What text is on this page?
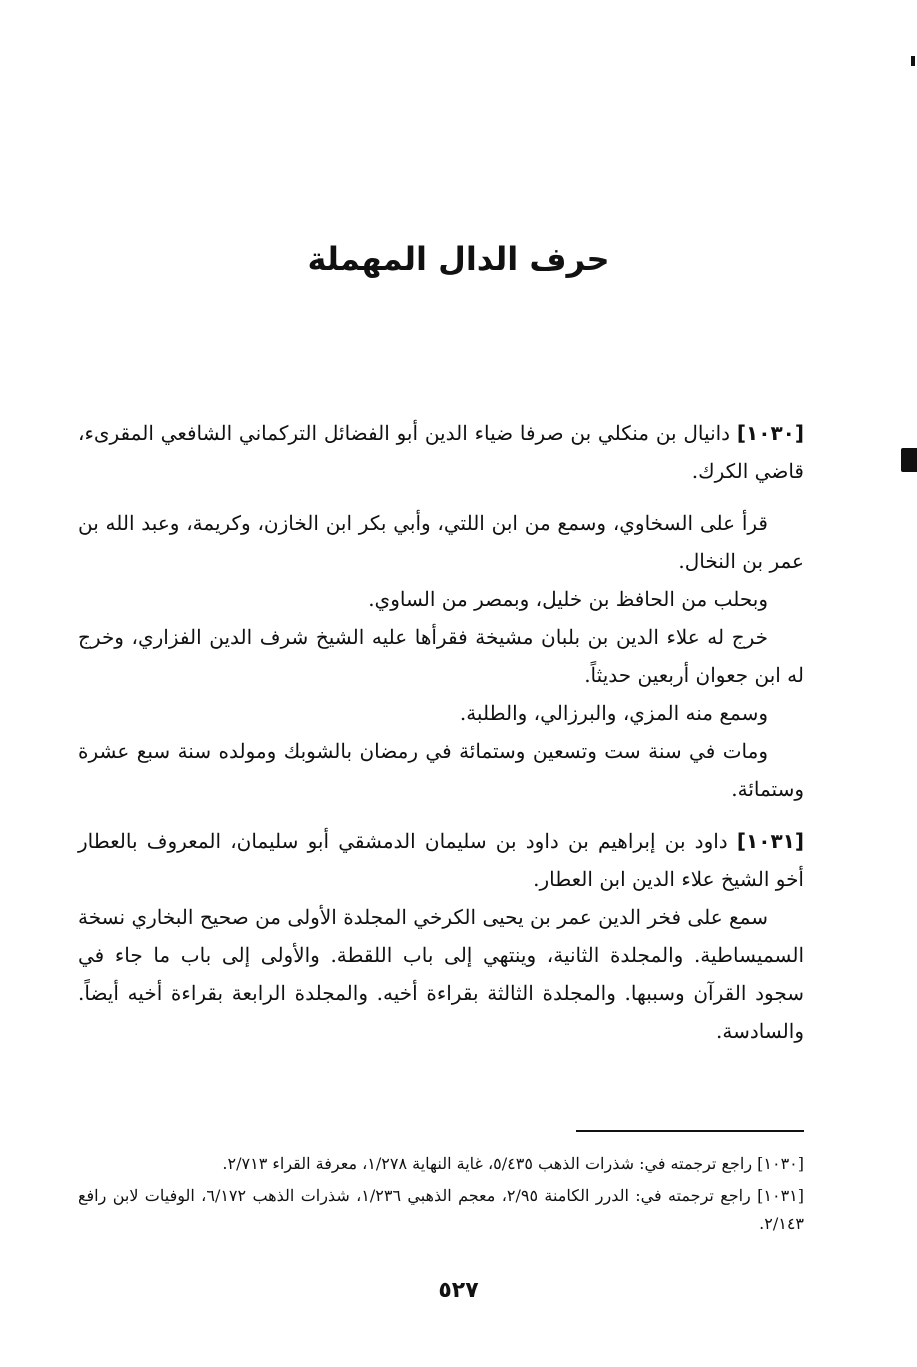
حرف الدال المهملة

[١٠٣٠] دانيال بن منكلي بن صرفا ضياء الدين أبو الفضائل التركماني الشافعي المقرىء، قاضي الكرك.

قرأ على السخاوي، وسمع من ابن اللتي، وأبي بكر ابن الخازن، وكريمة، وعبد الله بن عمر بن النخال.

وبحلب من الحافظ بن خليل، وبمصر من الساوي.

خرج له علاء الدين بن بلبان مشيخة فقرأها عليه الشيخ شرف الدين الفزاري، وخرج له ابن جعوان أربعين حديثاً.

وسمع منه المزي، والبرزالي، والطلبة.

ومات في سنة ست وتسعين وستمائة في رمضان بالشوبك ومولده سنة سبع عشرة وستمائة.

[١٠٣١] داود بن إبراهيم بن داود بن سليمان الدمشقي أبو سليمان، المعروف بالعطار أخو الشيخ علاء الدين ابن العطار.

سمع على فخر الدين عمر بن يحيى الكرخي المجلدة الأولى من صحيح البخاري نسخة السميساطية. والمجلدة الثانية، وينتهي إلى باب اللقطة. والأولى إلى باب ما جاء في سجود القرآن وسببها. والمجلدة الثالثة بقراءة أخيه. والمجلدة الرابعة بقراءة أخيه أيضاً. والسادسة.

[١٠٣٠] راجع ترجمته في: شذرات الذهب ٥/٤٣٥، غاية النهاية ١/٢٧٨، معرفة القراء ٢/٧١٣.

[١٠٣١] راجع ترجمته في: الدرر الكامنة ٢/٩٥، معجم الذهبي ١/٢٣٦، شذرات الذهب ٦/١٧٢، الوفيات لابن رافع ٢/١٤٣.

٥٢٧
